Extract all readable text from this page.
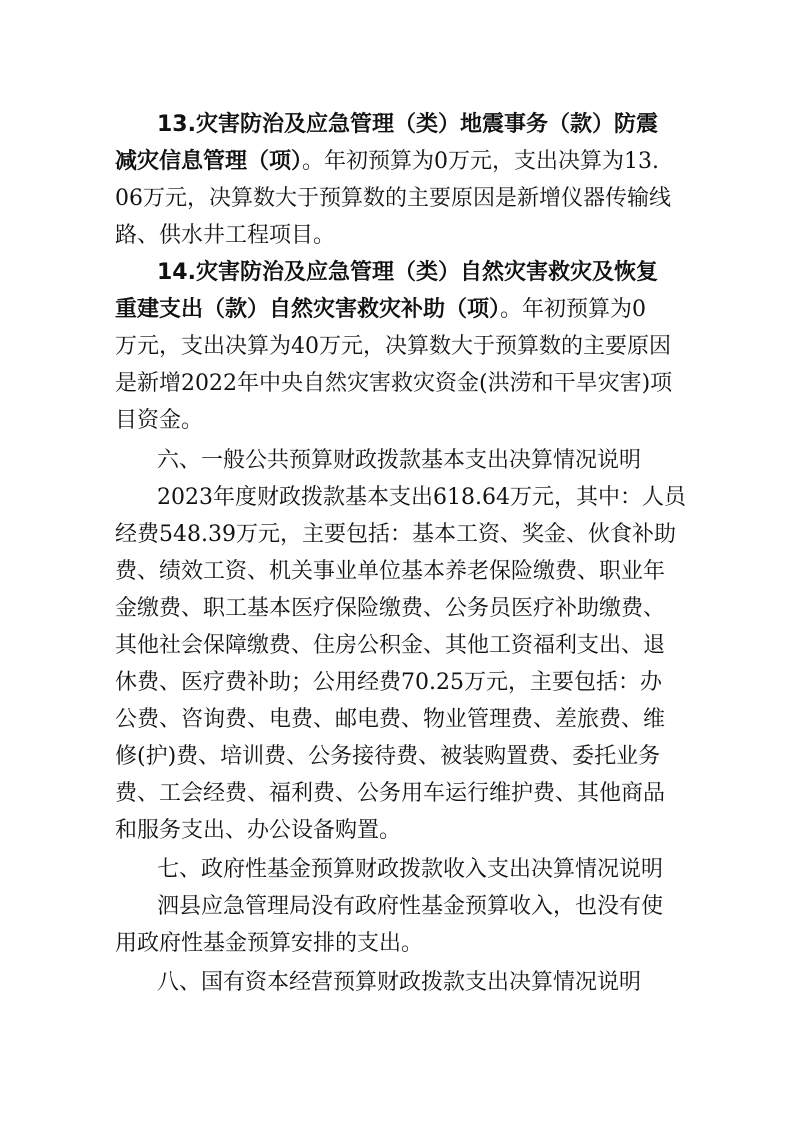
13.灾害防治及应急管理（类）地震事务（款）防震
减灾信息管理（项）。年初预算为0万元，支出决算为13.
06万元，决算数大于预算数的主要原因是新增仪器传输线
路、供水井工程项目。
14.灾害防治及应急管理（类）自然灾害救灾及恢复
重建支出（款）自然灾害救灾补助（项）。年初预算为0
万元，支出决算为40万元，决算数大于预算数的主要原因
是新增2022年中央自然灾害救灾资金(洪涝和干旱灾害)项
目资金。
六、一般公共预算财政拨款基本支出决算情况说明
2023年度财政拨款基本支出618.64万元，其中：人员
经费548.39万元，主要包括：基本工资、奖金、伙食补助
费、绩效工资、机关事业单位基本养老保险缴费、职业年
金缴费、职工基本医疗保险缴费、公务员医疗补助缴费、
其他社会保障缴费、住房公积金、其他工资福利支出、退
休费、医疗费补助；公用经费70.25万元，主要包括：办
公费、咨询费、电费、邮电费、物业管理费、差旅费、维
修(护)费、培训费、公务接待费、被装购置费、委托业务
费、工会经费、福利费、公务用车运行维护费、其他商品
和服务支出、办公设备购置。
七、政府性基金预算财政拨款收入支出决算情况说明
泗县应急管理局没有政府性基金预算收入，也没有使
用政府性基金预算安排的支出。
八、国有资本经营预算财政拨款支出决算情况说明
